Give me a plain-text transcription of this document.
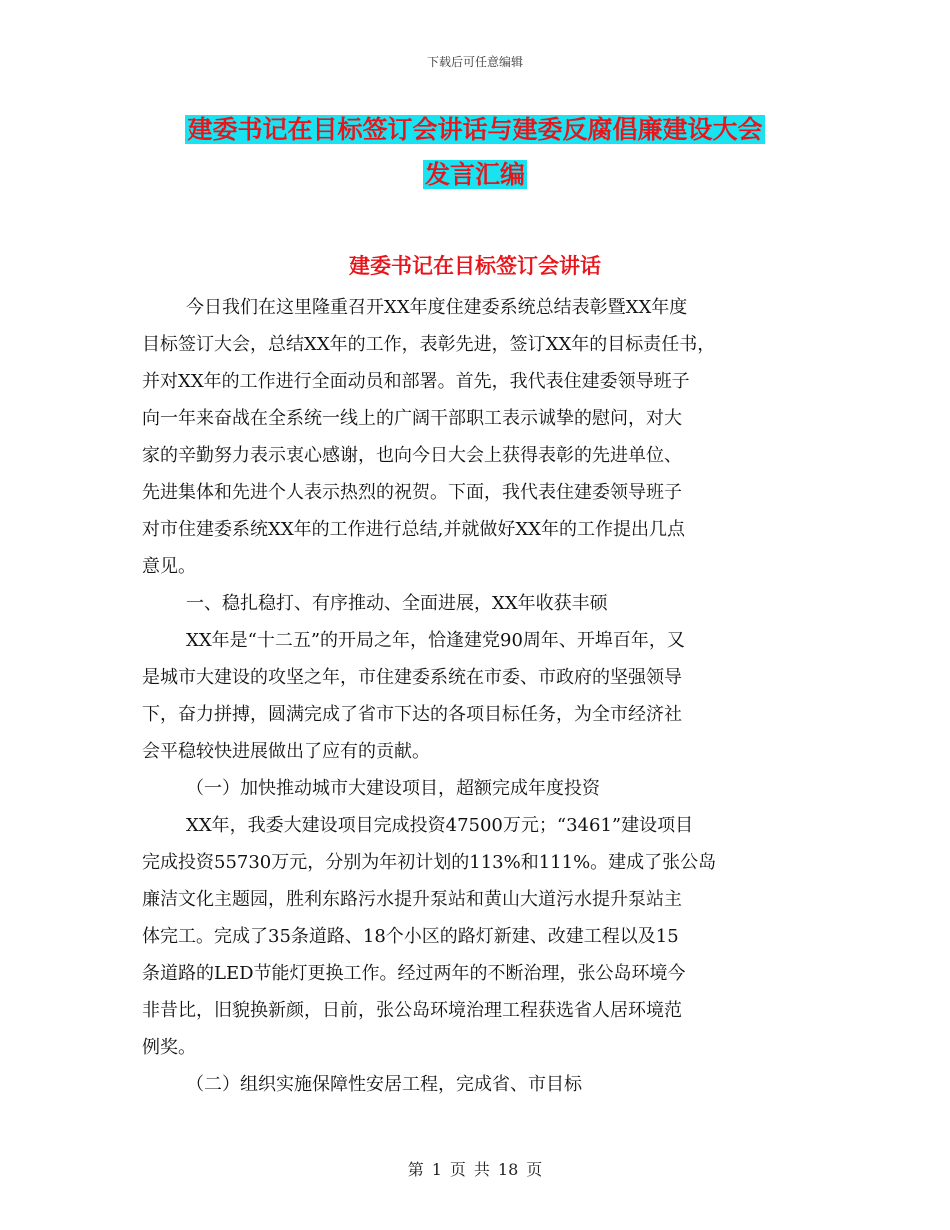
下载后可任意编辑
建委书记在目标签订会讲话与建委反腐倡廉建设大会
发言汇编
建委书记在目标签订会讲话
今日我们在这里隆重召开XX年度住建委系统总结表彰暨XX年度
目标签订大会，总结XX年的工作，表彰先进，签订XX年的目标责任书，
并对XX年的工作进行全面动员和部署。首先，我代表住建委领导班子
向一年来奋战在全系统一线上的广阔干部职工表示诚挚的慰问，对大
家的辛勤努力表示衷心感谢，也向今日大会上获得表彰的先进单位、
先进集体和先进个人表示热烈的祝贺。下面，我代表住建委领导班子
对市住建委系统XX年的工作进行总结,并就做好XX年的工作提出几点
意见。
一、稳扎稳打、有序推动、全面进展，XX年收获丰硕
XX年是“十二五”的开局之年，恰逢建党90周年、开埠百年，又
是城市大建设的攻坚之年，市住建委系统在市委、市政府的坚强领导
下，奋力拼搏，圆满完成了省市下达的各项目标任务，为全市经济社
会平稳较快进展做出了应有的贡献。
（一）加快推动城市大建设项目，超额完成年度投资
XX年，我委大建设项目完成投资47500万元；“3461”建设项目
完成投资55730万元，分别为年初计划的113%和111%。建成了张公岛
廉洁文化主题园，胜利东路污水提升泵站和黄山大道污水提升泵站主
体完工。完成了35条道路、18个小区的路灯新建、改建工程以及15
条道路的LED节能灯更换工作。经过两年的不断治理，张公岛环境今
非昔比，旧貌换新颜，日前，张公岛环境治理工程获选省人居环境范
例奖。
（二）组织实施保障性安居工程，完成省、市目标
第 1 页 共 18 页
